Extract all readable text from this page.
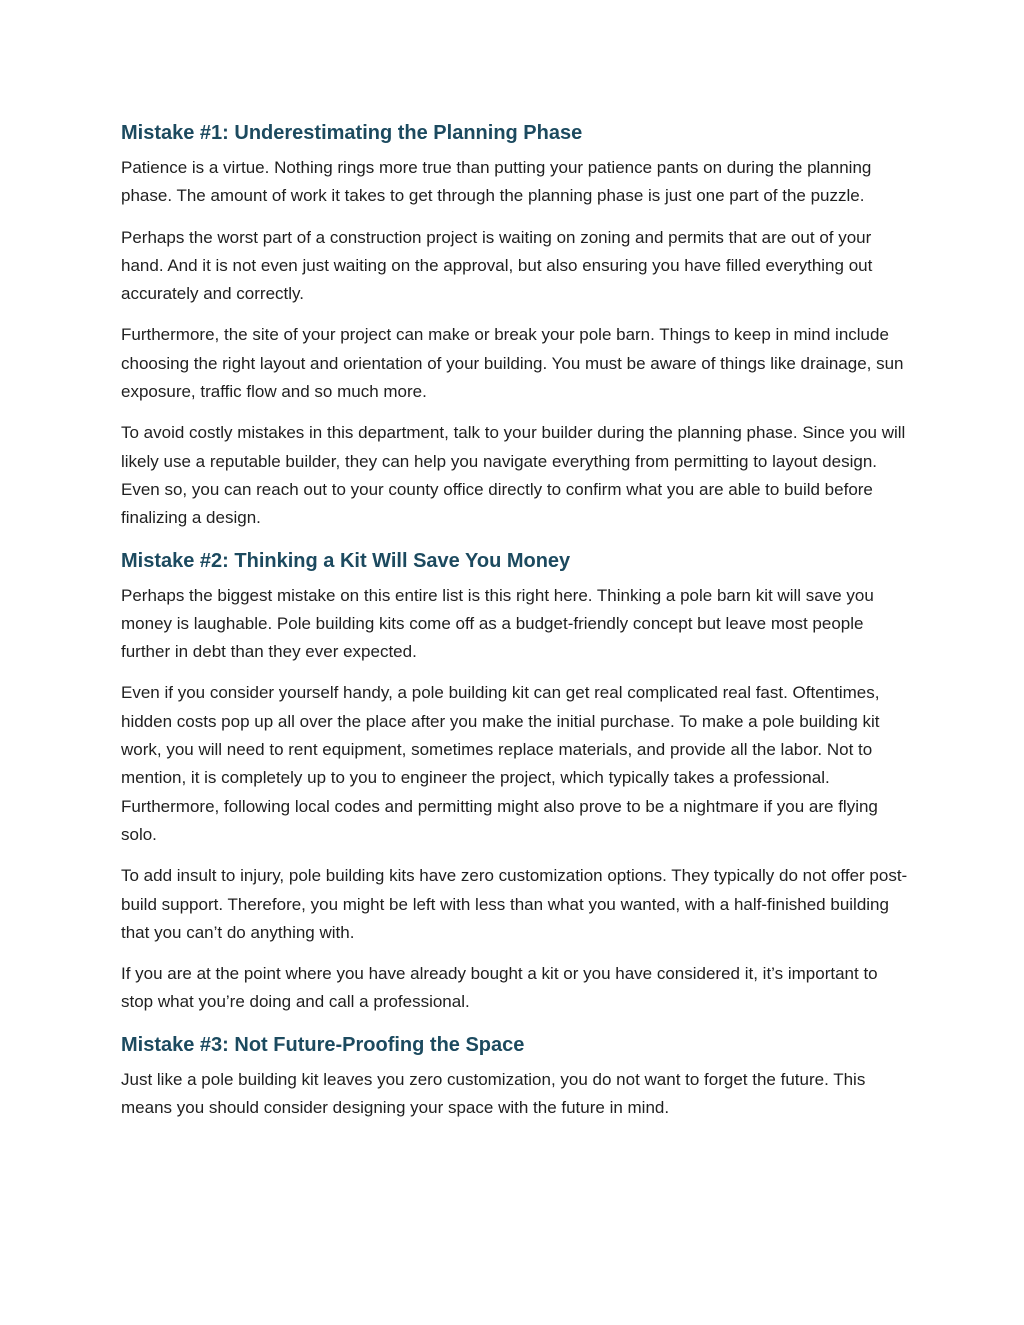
Mistake #1: Underestimating the Planning Phase

Patience is a virtue. Nothing rings more true than putting your patience pants on during the planning phase. The amount of work it takes to get through the planning phase is just one part of the puzzle.

Perhaps the worst part of a construction project is waiting on zoning and permits that are out of your hand. And it is not even just waiting on the approval, but also ensuring you have filled everything out accurately and correctly.

Furthermore, the site of your project can make or break your pole barn. Things to keep in mind include choosing the right layout and orientation of your building. You must be aware of things like drainage, sun exposure, traffic flow and so much more.

To avoid costly mistakes in this department, talk to your builder during the planning phase. Since you will likely use a reputable builder, they can help you navigate everything from permitting to layout design. Even so, you can reach out to your county office directly to confirm what you are able to build before finalizing a design.

Mistake #2: Thinking a Kit Will Save You Money

Perhaps the biggest mistake on this entire list is this right here. Thinking a pole barn kit will save you money is laughable. Pole building kits come off as a budget-friendly concept but leave most people further in debt than they ever expected.

Even if you consider yourself handy, a pole building kit can get real complicated real fast. Oftentimes, hidden costs pop up all over the place after you make the initial purchase. To make a pole building kit work, you will need to rent equipment, sometimes replace materials, and provide all the labor. Not to mention, it is completely up to you to engineer the project, which typically takes a professional. Furthermore, following local codes and permitting might also prove to be a nightmare if you are flying solo.

To add insult to injury, pole building kits have zero customization options. They typically do not offer post-build support. Therefore, you might be left with less than what you wanted, with a half-finished building that you can’t do anything with.

If you are at the point where you have already bought a kit or you have considered it, it’s important to stop what you’re doing and call a professional.

Mistake #3: Not Future-Proofing the Space

Just like a pole building kit leaves you zero customization, you do not want to forget the future. This means you should consider designing your space with the future in mind.
